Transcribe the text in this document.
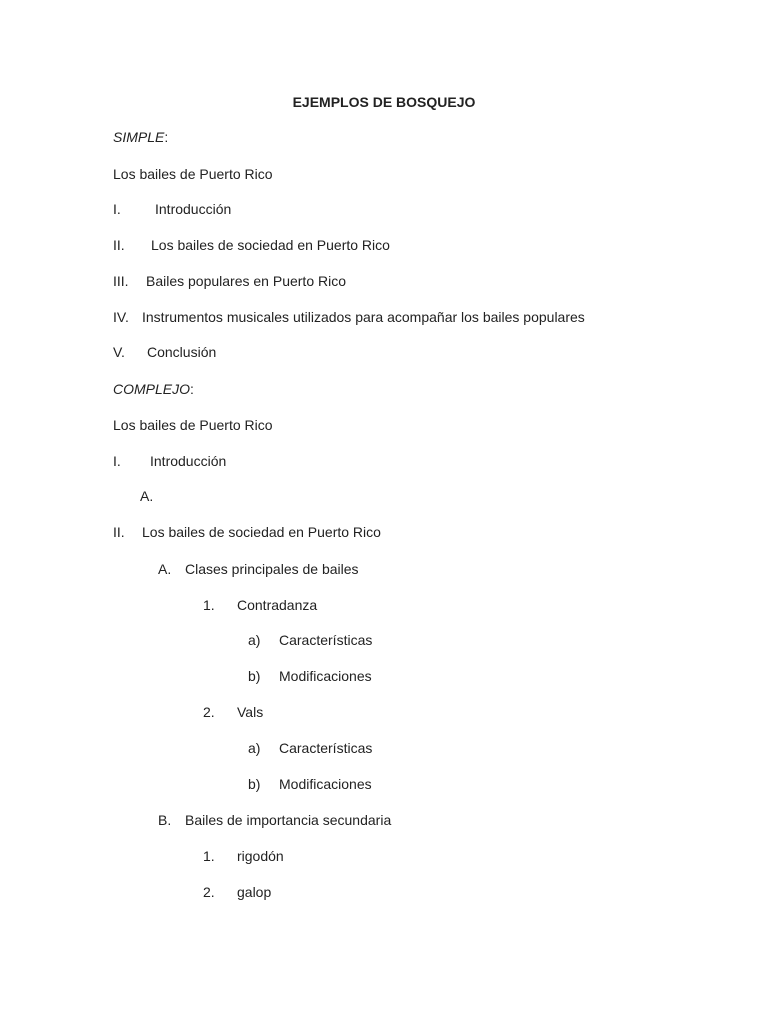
EJEMPLOS DE BOSQUEJO
SIMPLE:
Los bailes de Puerto Rico
I. Introducción
II. Los bailes de sociedad en Puerto Rico
III. Bailes populares en Puerto Rico
IV. Instrumentos musicales utilizados para acompañar los bailes populares
V. Conclusión
COMPLEJO:
Los bailes de Puerto Rico
I. Introducción
A.
II. Los bailes de sociedad en Puerto Rico
A. Clases principales de bailes
1. Contradanza
a) Características
b) Modificaciones
2. Vals
a) Características
b) Modificaciones
B. Bailes de importancia secundaria
1. rigodón
2. galop
